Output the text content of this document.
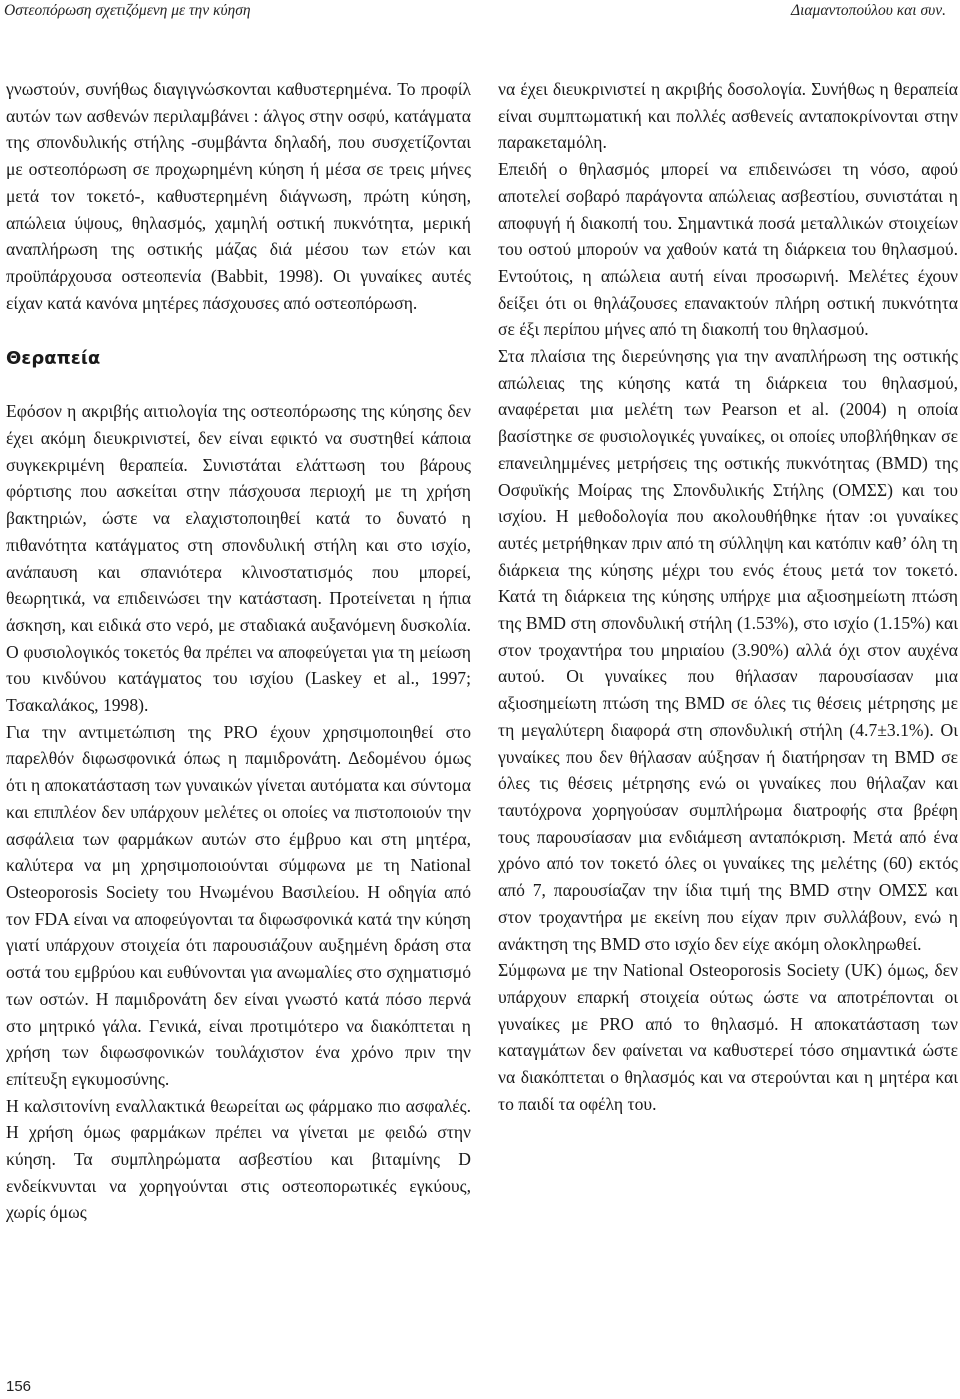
Οστεοπόρωση σχετιζόμενη με την κύηση	Διαμαντοπούλου και συν.

γνωστούν, συνήθως διαγιγνώσκονται καθυστερημένα. Το προφίλ αυτών των ασθενών περιλαμβάνει : άλγος στην οσφύ, κατάγματα της σπονδυλικής στήλης -συμβάντα δηλαδή, που συσχετίζονται με οστεοπόρωση σε προχωρημένη κύηση ή μέσα σε τρεις μήνες μετά τον τοκετό-, καθυστερημένη διάγνωση, πρώτη κύηση, απώλεια ύψους, θηλασμός, χαμηλή οστική πυκνότητα, μερική αναπλήρωση της οστικής μάζας διά μέσου των ετών και προϋπάρχουσα οστεοπενία (Babbit, 1998). Οι γυναίκες αυτές είχαν κατά κανόνα μητέρες πάσχουσες από οστεοπόρωση.

Θεραπεία

Εφόσον η ακριβής αιτιολογία της οστεοπόρωσης της κύησης δεν έχει ακόμη διευκρινιστεί, δεν είναι εφικτό να συστηθεί κάποια συγκεκριμένη θεραπεία. Συνιστάται ελάττωση του βάρους φόρτισης που ασκείται στην πάσχουσα περιοχή με τη χρήση βακτηριών, ώστε να ελαχιστοποιηθεί κατά το δυνατό η πιθανότητα κατάγματος στη σπονδυλική στήλη και στο ισχίο, ανάπαυση και σπανιότερα κλινοστατισμός που μπορεί, θεωρητικά, να επιδεινώσει την κατάσταση. Προτείνεται η ήπια άσκηση, και ειδικά στο νερό, με σταδιακά αυξανόμενη δυσκολία. Ο φυσιολογικός τοκετός θα πρέπει να αποφεύγεται για τη μείωση του κινδύνου κατάγματος του ισχίου (Laskey et al., 1997; Τσακαλάκος, 1998).

Για την αντιμετώπιση της PRO έχουν χρησιμοποιηθεί στο παρελθόν διφωσφονικά όπως η παμιδρονάτη. Δεδομένου όμως ότι η αποκατάσταση των γυναικών γίνεται αυτόματα και σύντομα και επιπλέον δεν υπάρχουν μελέτες οι οποίες να πιστοποιούν την ασφάλεια των φαρμάκων αυτών στο έμβρυο και στη μητέρα, καλύτερα να μη χρησιμοποιούνται σύμφωνα με τη National Osteoporosis Society του Ηνωμένου Βασιλείου. Η οδηγία από τον FDA είναι να αποφεύγονται τα διφωσφονικά κατά την κύηση γιατί υπάρχουν στοιχεία ότι παρουσιάζουν αυξημένη δράση στα οστά του εμβρύου και ευθύνονται για ανωμαλίες στο σχηματισμό των οστών. Η παμιδρονάτη δεν είναι γνωστό κατά πόσο περνά στο μητρικό γάλα. Γενικά, είναι προτιμότερο να διακόπτεται η χρήση των διφωσφονικών τουλάχιστον ένα χρόνο πριν την επίτευξη εγκυμοσύνης.

Η καλσιτονίνη εναλλακτικά θεωρείται ως φάρμακο πιο ασφαλές. Η χρήση όμως φαρμάκων πρέπει να γίνεται με φειδώ στην κύηση. Τα συμπληρώματα ασβεστίου και βιταμίνης D ενδείκνυνται να χορηγούνται στις οστεοπορωτικές εγκύους, χωρίς όμως

να έχει διευκρινιστεί η ακριβής δοσολογία. Συνήθως η θεραπεία είναι συμπτωματική και πολλές ασθενείς ανταποκρίνονται στην παρακεταμόλη.

Επειδή ο θηλασμός μπορεί να επιδεινώσει τη νόσο, αφού αποτελεί σοβαρό παράγοντα απώλειας ασβεστίου, συνιστάται η αποφυγή ή διακοπή του. Σημαντικά ποσά μεταλλικών στοιχείων του οστού μπορούν να χαθούν κατά τη διάρκεια του θηλασμού. Εντούτοις, η απώλεια αυτή είναι προσωρινή. Μελέτες έχουν δείξει ότι οι θηλάζουσες επανακτούν πλήρη οστική πυκνότητα σε έξι περίπου μήνες από τη διακοπή του θηλασμού.

Στα πλαίσια της διερεύνησης για την αναπλήρωση της οστικής απώλειας της κύησης κατά τη διάρκεια του θηλασμού, αναφέρεται μια μελέτη των Pearson et al. (2004) η οποία βασίστηκε σε φυσιολογικές γυναίκες, οι οποίες υποβλήθηκαν σε επανειλημμένες μετρήσεις της οστικής πυκνότητας (BMD) της Οσφυϊκής Μοίρας της Σπονδυλικής Στήλης (ΟΜΣΣ) και του ισχίου. Η μεθοδολογία που ακολουθήθηκε ήταν :οι γυναίκες αυτές μετρήθηκαν πριν από τη σύλληψη και κατόπιν καθ’ όλη τη διάρκεια της κύησης μέχρι του ενός έτους μετά τον τοκετό. Κατά τη διάρκεια της κύησης υπήρχε μια αξιοσημείωτη πτώση της BMD στη σπονδυλική στήλη (1.53%), στο ισχίο (1.15%) και στον τροχαντήρα του μηριαίου (3.90%) αλλά όχι στον αυχένα αυτού. Οι γυναίκες που θήλασαν παρουσίασαν μια αξιοσημείωτη πτώση της BMD σε όλες τις θέσεις μέτρησης με τη μεγαλύτερη διαφορά στη σπονδυλική στήλη (4.7±3.1%). Οι γυναίκες που δεν θήλασαν αύξησαν ή διατήρησαν τη BMD σε όλες τις θέσεις μέτρησης ενώ οι γυναίκες που θήλαζαν και ταυτόχρονα χορηγούσαν συμπλήρωμα διατροφής στα βρέφη τους παρουσίασαν μια ενδιάμεση ανταπόκριση. Μετά από ένα χρόνο από τον τοκετό όλες οι γυναίκες της μελέτης (60) εκτός από 7, παρουσίαζαν την ίδια τιμή της BMD στην ΟΜΣΣ και στον τροχαντήρα με εκείνη που είχαν πριν συλλάβουν, ενώ η ανάκτηση της BMD στο ισχίο δεν είχε ακόμη ολοκληρωθεί.

Σύμφωνα με την National Osteoporosis Society (UK) όμως, δεν υπάρχουν επαρκή στοιχεία ούτως ώστε να αποτρέπονται οι γυναίκες με PRO από το θηλασμό. Η αποκατάσταση των καταγμάτων δεν φαίνεται να καθυστερεί τόσο σημαντικά ώστε να διακόπτεται ο θηλασμός και να στερούνται και η μητέρα και το παιδί τα οφέλη του.

156
